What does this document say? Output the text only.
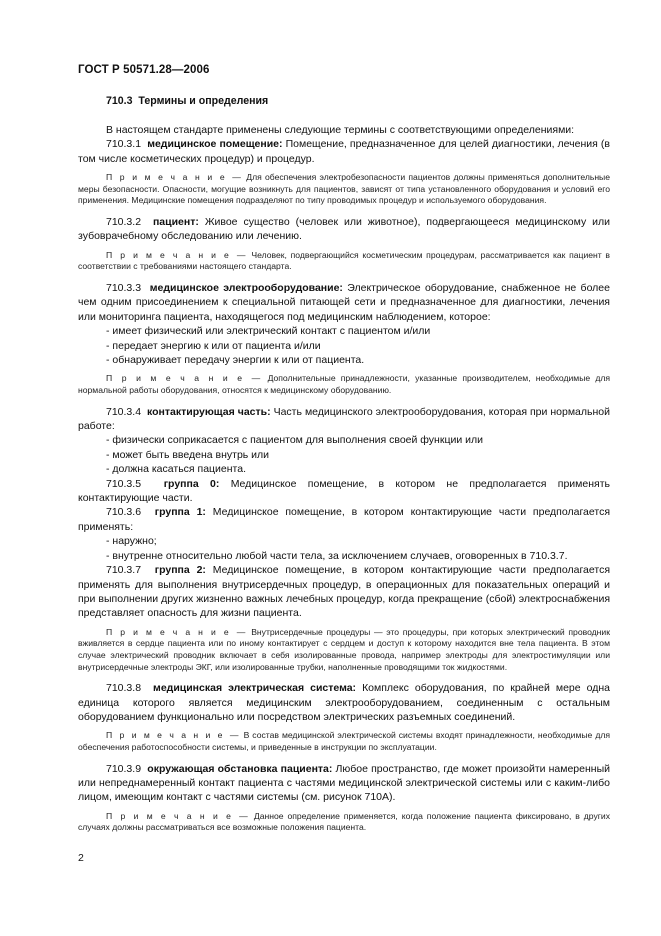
ГОСТ Р 50571.28—2006
710.3 Термины и определения

В настоящем стандарте применены следующие термины с соответствующими определениями:

710.3.1 медицинское помещение: Помещение, предназначенное для целей диагностики, лечения (в том числе косметических процедур) и процедур.

П р и м е ч а н и е — Для обеспечения электробезопасности пациентов должны применяться дополнительные меры безопасности. Опасности, могущие возникнуть для пациентов, зависят от типа установленного оборудования и условий его применения. Медицинские помещения подразделяют по типу проводимых процедур и используемого оборудования.

710.3.2 пациент: Живое существо (человек или животное), подвергающееся медицинскому или зубоврачебному обследованию или лечению.

П р и м е ч а н и е — Человек, подвергающийся косметическим процедурам, рассматривается как пациент в соответствии с требованиями настоящего стандарта.

710.3.3 медицинское электрооборудование: Электрическое оборудование, снабженное не более чем одним присоединением к специальной питающей сети и предназначенное для диагностики, лечения или мониторинга пациента, находящегося под медицинским наблюдением, которое:

- имеет физический или электрический контакт с пациентом и/или

- передает энергию к или от пациента и/или

- обнаруживает передачу энергии к или от пациента.

П р и м е ч а н и е — Дополнительные принадлежности, указанные производителем, необходимые для нормальной работы оборудования, относятся к медицинскому оборудованию.

710.3.4 контактирующая часть: Часть медицинского электрооборудования, которая при нормальной работе:

- физически соприкасается с пациентом для выполнения своей функции или

- может быть введена внутрь или

- должна касаться пациента.

710.3.5 группа 0: Медицинское помещение, в котором не предполагается применять контактирующие части.

710.3.6 группа 1: Медицинское помещение, в котором контактирующие части предполагается применять:

- наружно;

- внутренне относительно любой части тела, за исключением случаев, оговоренных в 710.3.7.

710.3.7 группа 2: Медицинское помещение, в котором контактирующие части предполагается применять для выполнения внутрисердечных процедур, в операционных для показательных операций и при выполнении других жизненно важных лечебных процедур, когда прекращение (сбой) электроснабжения представляет опасность для жизни пациента.

П р и м е ч а н и е — Внутрисердечные процедуры — это процедуры, при которых электрический проводник вживляется в сердце пациента или по иному контактирует с сердцем и доступ к которому находится вне тела пациента. В этом случае электрический проводник включает в себя изолированные провода, например электроды для электростимуляции или внутрисердечные электроды ЭКГ, или изолированные трубки, наполненные проводящими ток жидкостями.

710.3.8 медицинская электрическая система: Комплекс оборудования, по крайней мере одна единица которого является медицинским электрооборудованием, соединенным с остальным оборудованием функционально или посредством электрических разъемных соединений.

П р и м е ч а н и е — В состав медицинской электрической системы входят принадлежности, необходимые для обеспечения работоспособности системы, и приведенные в инструкции по эксплуатации.

710.3.9 окружающая обстановка пациента: Любое пространство, где может произойти намеренный или непреднамеренный контакт пациента с частями медицинской электрической системы или с каким-либо лицом, имеющим контакт с частями системы (см. рисунок 710А).

П р и м е ч а н и е — Данное определение применяется, когда положение пациента фиксировано, в других случаях должны рассматриваться все возможные положения пациента.

2
